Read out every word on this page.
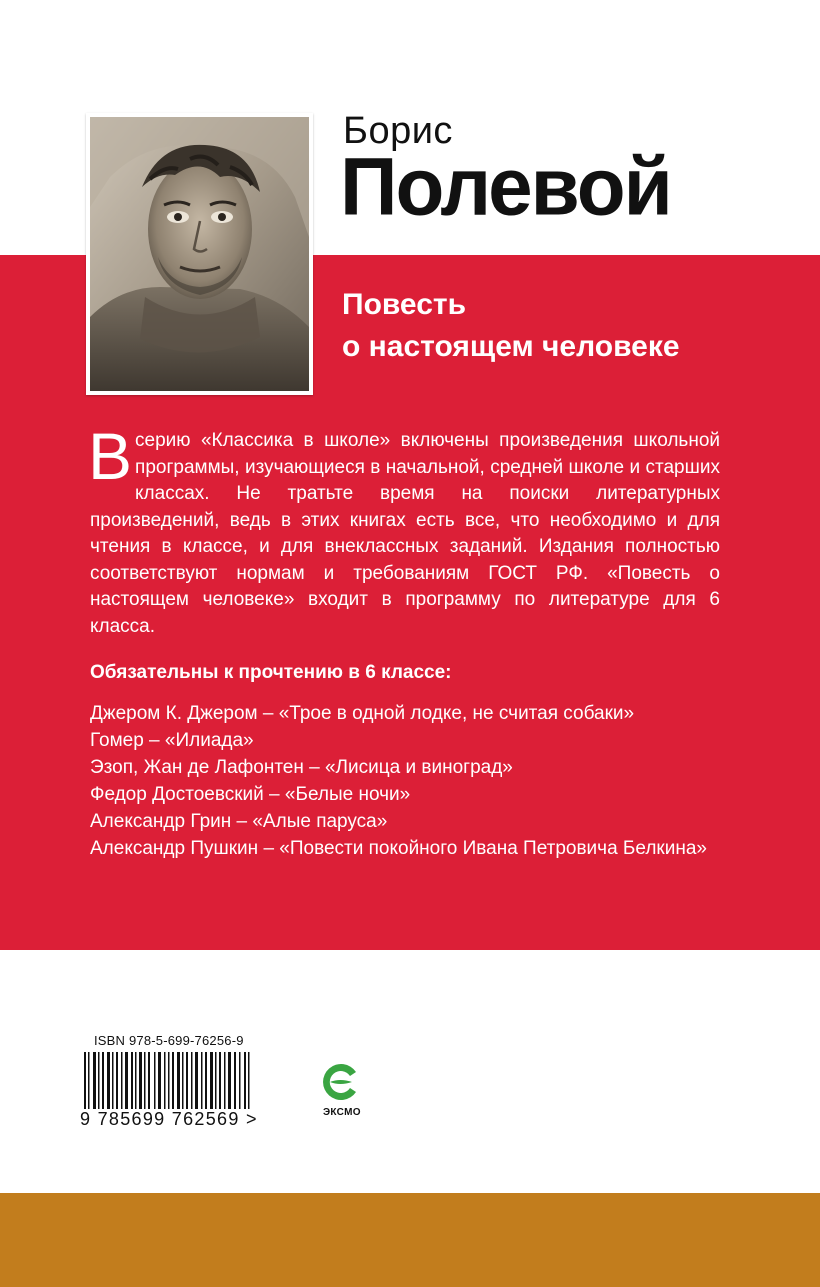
Борис
Полевой
Повесть
о настоящем человеке
Всерию «Классика в школе» включены произведения школьной программы, изучающиеся в начальной, средней школе и старших классах. Не тратьте время на поиски литературных произведений, ведь в этих книгах есть все, что необходимо и для чтения в классе, и для внеклассных заданий. Издания полностью соответствуют нормам и требованиям ГОСТ РФ. «Повесть о настоящем человеке» входит в программу по литературе для 6 класса.
Обязательны к прочтению в 6 классе:
Джером К. Джером – «Трое в одной лодке, не считая собаки»
Гомер – «Илиада»
Эзоп, Жан де Лафонтен – «Лисица и виноград»
Федор Достоевский – «Белые ночи»
Александр Грин – «Алые паруса»
Александр Пушкин – «Повести покойного Ивана Петровича Белкина»
ISBN 978-5-699-76256-9
9 785699 762569 >	ЭКСМО
